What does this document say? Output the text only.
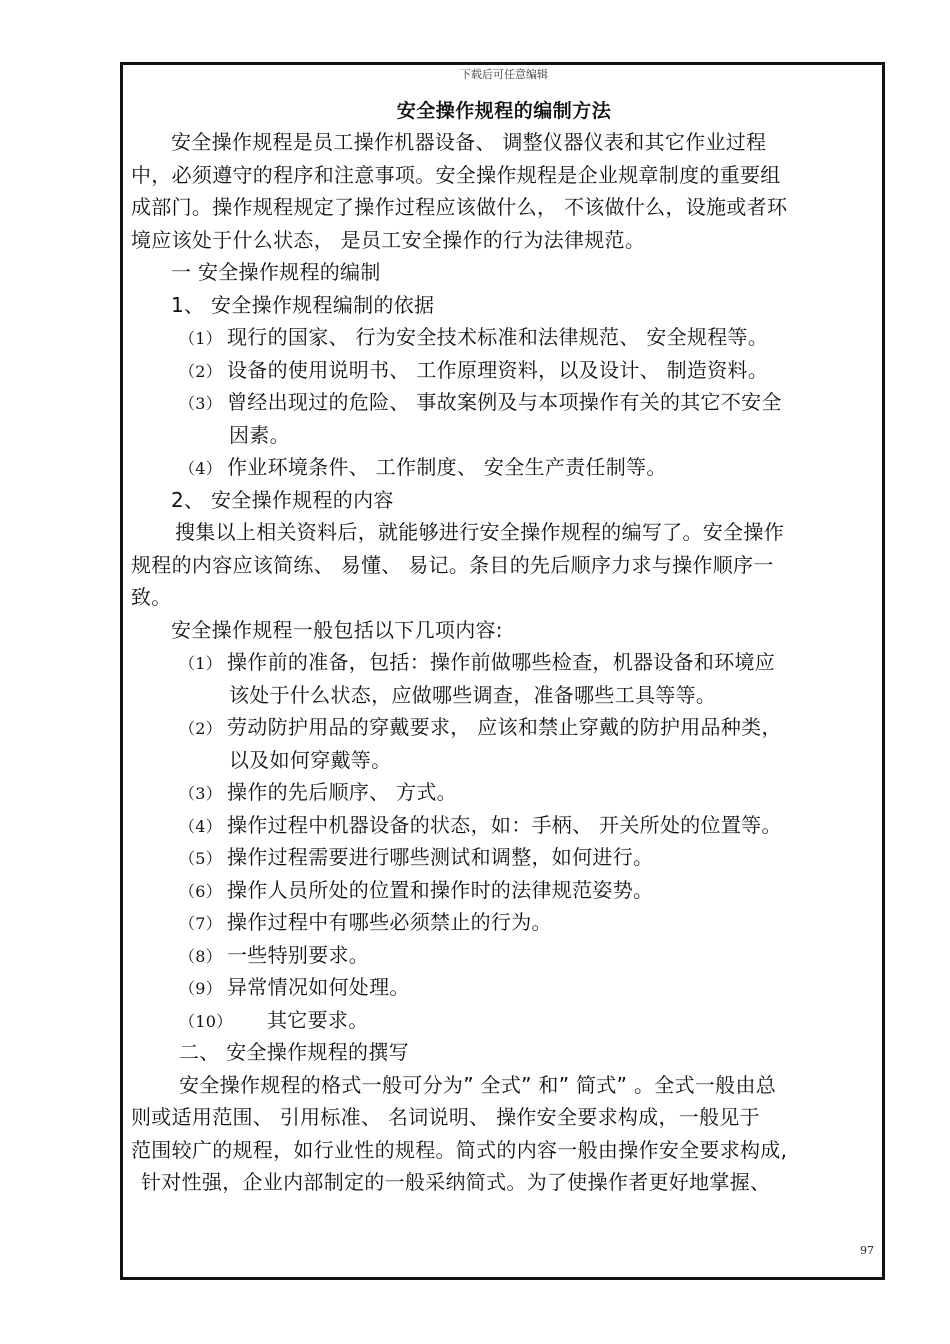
下载后可任意编辑
安全操作规程的编制方法
安全操作规程是员工操作机器设备、 调整仪器仪表和其它作业过程
中，必须遵守的程序和注意事项。安全操作规程是企业规章制度的重要组
成部门。操作规程规定了操作过程应该做什么， 不该做什么，设施或者环
境应该处于什么状态， 是员工安全操作的行为法律规范。
一 安全操作规程的编制
1、 安全操作规程编制的依据
（1） 现行的国家、 行为安全技术标准和法律规范、 安全规程等。
（2） 设备的使用说明书、 工作原理资料，以及设计、 制造资料。
（3） 曾经出现过的危险、 事故案例及与本项操作有关的其它不安全
因素。
（4） 作业环境条件、 工作制度、 安全生产责任制等。
2、 安全操作规程的内容
搜集以上相关资料后，就能够进行安全操作规程的编写了。安全操作
规程的内容应该简练、 易懂、 易记。条目的先后顺序力求与操作顺序一
致。
安全操作规程一般包括以下几项内容:
（1） 操作前的准备，包括：操作前做哪些检查，机器设备和环境应
该处于什么状态，应做哪些调查，准备哪些工具等等。
（2） 劳动防护用品的穿戴要求， 应该和禁止穿戴的防护用品种类，
以及如何穿戴等。
（3） 操作的先后顺序、 方式。
（4） 操作过程中机器设备的状态，如：手柄、 开关所处的位置等。
（5） 操作过程需要进行哪些测试和调整，如何进行。
（6） 操作人员所处的位置和操作时的法律规范姿势。
（7） 操作过程中有哪些必须禁止的行为。
（8） 一些特别要求。
（9） 异常情况如何处理。
（10） 其它要求。
二、 安全操作规程的撰写
安全操作规程的格式一般可分为” 全式” 和” 简式” 。全式一般由总
则或适用范围、 引用标准、 名词说明、 操作安全要求构成，一般见于
范围较广的规程，如行业性的规程。简式的内容一般由操作安全要求构成,
针对性强，企业内部制定的一般采纳简式。为了使操作者更好地掌握、
97
